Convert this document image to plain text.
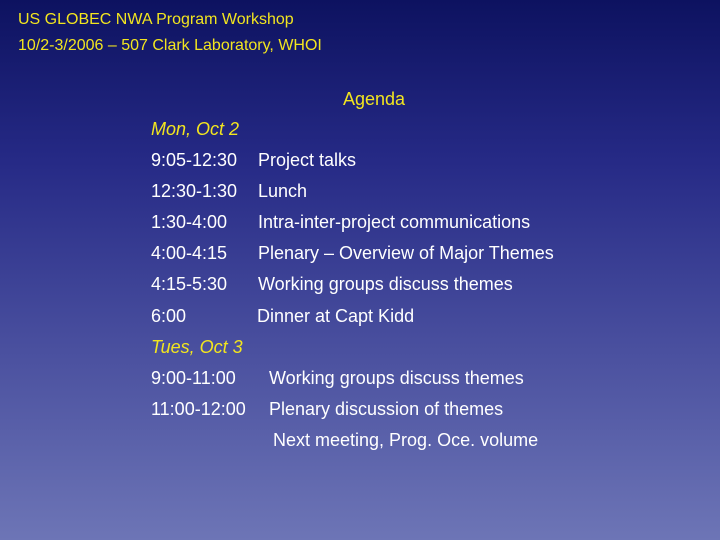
US GLOBEC NWA Program Workshop
10/2-3/2006 – 507 Clark Laboratory, WHOI
Agenda
Mon, Oct 2
9:05-12:30 Project talks
12:30-1:30 Lunch
1:30-4:00 Intra-inter-project communications
4:00-4:15 Plenary – Overview of Major Themes
4:15-5:30 Working groups discuss themes
6:00	Dinner at Capt Kidd
Tues, Oct 3
9:00-11:00 Working groups discuss themes
11:00-12:00 Plenary discussion of themes
Next meeting, Prog. Oce. volume
